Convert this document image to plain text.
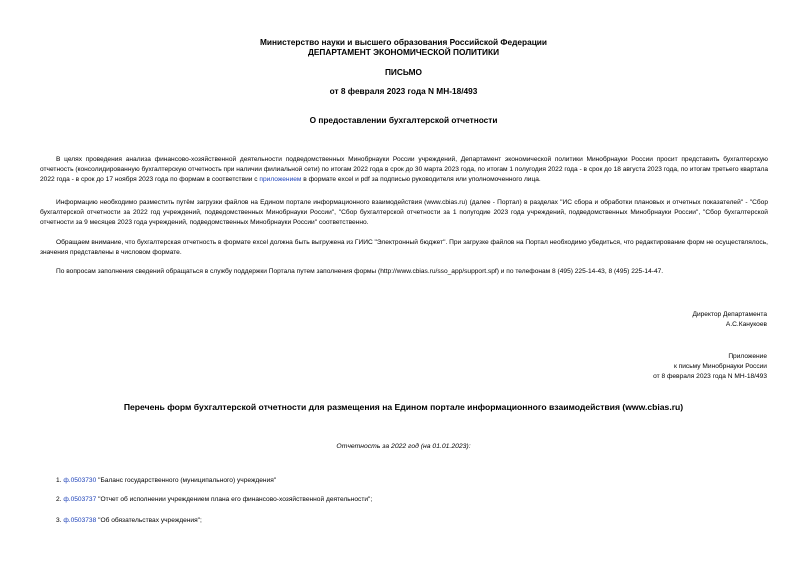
Министерство науки и высшего образования Российской Федерации
ДЕПАРТАМЕНТ ЭКОНОМИЧЕСКОЙ ПОЛИТИКИ
ПИСЬМО
от 8 февраля 2023 года N МН-18/493
О предоставлении бухгалтерской отчетности
В целях проведения анализа финансово-хозяйственной деятельности подведомственных Минобрнауки России учреждений, Департамент экономической политики Минобрнауки России просит представить бухгалтерскую отчетность (консолидированную бухгалтерскую отчетность при наличии филиальной сети) по итогам 2022 года в срок до 30 марта 2023 года, по итогам 1 полугодия 2022 года - в срок до 18 августа 2023 года, по итогам третьего квартала 2022 года - в срок до 17 ноября 2023 года по формам в соответствии с приложением в формате excel и pdf за подписью руководителя или уполномоченного лица.
Информацию необходимо разместить путём загрузки файлов на Едином портале информационного взаимодействия (www.cbias.ru) (далее - Портал) в разделах "ИС сбора и обработки плановых и отчетных показателей" - "Сбор бухгалтерской отчетности за 2022 год учреждений, подведомственных Минобрнауки России", "Сбор бухгалтерской отчетности за 1 полугодие 2023 года учреждений, подведомственных Минобрнауки России", "Сбор бухгалтерской отчетности за 9 месяцев 2023 года учреждений, подведомственных Минобрнауки России" соответственно.
Обращаем внимание, что бухгалтерская отчетность в формате excel должна быть выгружена из ГИИС "Электронный бюджет". При загрузке файлов на Портал необходимо убедиться, что редактирование форм не осуществлялось, значения представлены в числовом формате.
По вопросам заполнения сведений обращаться в службу поддержки Портала путем заполнения формы (http://www.cbias.ru/sso_app/support.spf) и по телефонам 8 (495) 225-14-43, 8 (495) 225-14-47.
Директор Департамента
А.С.Канукоев
Приложение
к письму Минобрнауки России
от 8 февраля 2023 года N МН-18/493
Перечень форм бухгалтерской отчетности для размещения на Едином портале информационного взаимодействия (www.cbias.ru)
Отчетность за 2022 год (на 01.01.2023):
1. ф.0503730 "Баланс государственного (муниципального) учреждения"
2. ф.0503737 "Отчет об исполнении учреждением плана его финансово-хозяйственной деятельности";
3. ф.0503738 "Об обязательствах учреждения";
